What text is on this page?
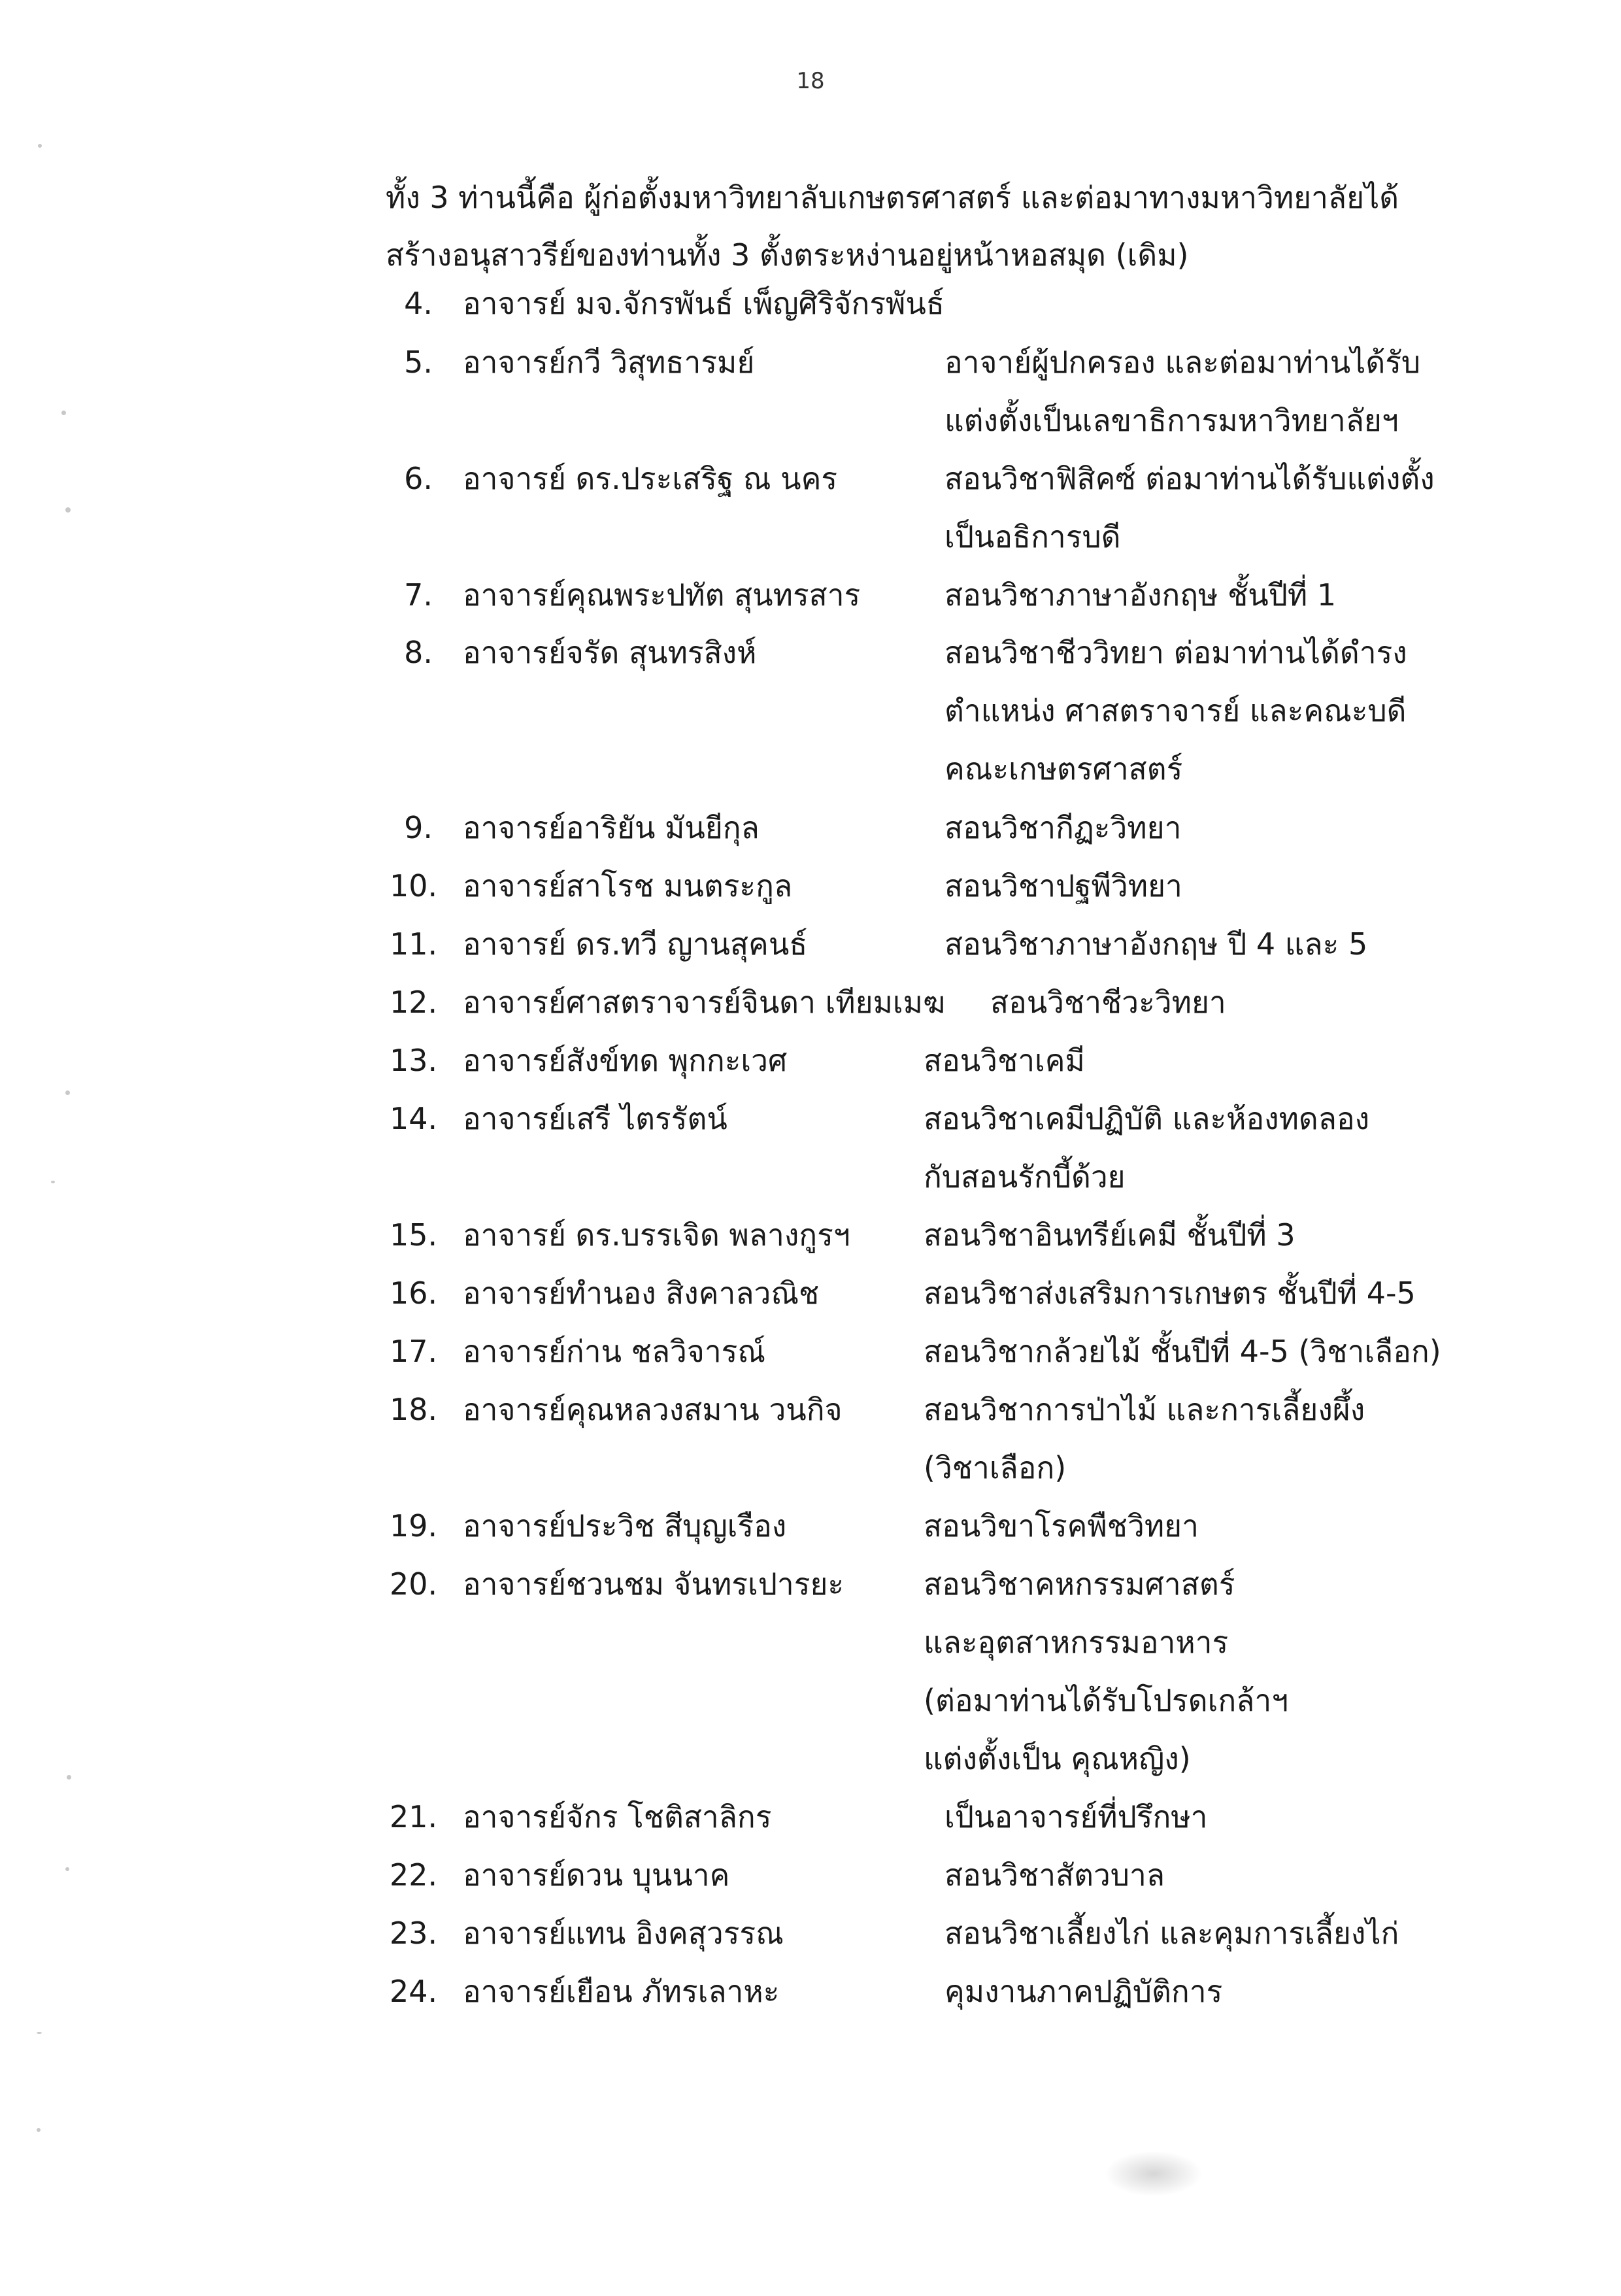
18

ทั้ง 3 ท่านนี้คือ ผู้ก่อตั้งมหาวิทยาลับเกษตรศาสตร์ และต่อมาทางมหาวิทยาลัยได้

สร้างอนุสาวรีย์ของท่านทั้ง 3 ตั้งตระหง่านอยู่หน้าหอสมุด (เดิม)

4. อาจารย์ มจ.จักรพันธ์ เพ็ญศิริจักรพันธ์
5. อาจารย์กวี วิสุทธารมย์	อาจาย์ผู้ปกครอง และต่อมาท่านได้รับ
แต่งตั้งเป็นเลขาธิการมหาวิทยาลัยฯ
6. อาจารย์ ดร.ประเสริฐ ณ นคร	สอนวิชาฟิสิคซ์ ต่อมาท่านได้รับแต่งตั้ง
เป็นอธิการบดี
7. อาจารย์คุณพระปทัต สุนทรสาร	สอนวิชาภาษาอังกฤษ ชั้นปีที่ 1
8. อาจารย์จรัด สุนทรสิงห์	สอนวิชาชีววิทยา ต่อมาท่านได้ดำรง
ตำแหน่ง ศาสตราจารย์ และคณะบดี
คณะเกษตรศาสตร์
9. อาจารย์อาริยัน มันยีกุล	สอนวิชากีฏะวิทยา
10. อาจารย์สาโรช มนตระกูล	สอนวิชาปฐพีวิทยา
11. อาจารย์ ดร.ทวี ญานสุคนธ์	สอนวิชาภาษาอังกฤษ ปี 4 และ 5
12. อาจารย์ศาสตราจารย์จินดา เทียมเมฆ สอนวิชาชีวะวิทยา
13. อาจารย์สังข์ทด พุกกะเวศ	สอนวิชาเคมี
14. อาจารย์เสรี ไตรรัตน์	สอนวิชาเคมีปฏิบัติ และห้องทดลอง
กับสอนรักบี้ด้วย
15. อาจารย์ ดร.บรรเจิด พลางกูรฯ สอนวิชาอินทรีย์เคมี ชั้นปีที่ 3
16. อาจารย์ทำนอง สิงคาลวณิช	สอนวิชาส่งเสริมการเกษตร ชั้นปีที่ 4-5
17. อาจารย์ก่าน ชลวิจารณ์	สอนวิชากล้วยไม้ ชั้นปีที่ 4-5 (วิชาเลือก)
18. อาจารย์คุณหลวงสมาน วนกิจ	สอนวิชาการป่าไม้ และการเลี้ยงผึ้ง
(วิชาเลือก)
19. อาจารย์ประวิช สีบุญเรือง	สอนวิขาโรคพืชวิทยา
20. อาจารย์ชวนชม จันทรเปารยะ	สอนวิชาคหกรรมศาสตร์
และอุตสาหกรรมอาหาร
(ต่อมาท่านได้รับโปรดเกล้าฯ
แต่งตั้งเป็น คุณหญิง)
21. อาจารย์จักร โชติสาลิกร	เป็นอาจารย์ที่ปรึกษา
22. อาจารย์ดวน บุนนาค	สอนวิชาสัตวบาล
23. อาจารย์แทน อิงคสุวรรณ	สอนวิชาเลี้ยงไก่ และคุมการเลี้ยงไก่
24. อาจารย์เยือน ภัทรเลาหะ	คุมงานภาคปฏิบัติการ
